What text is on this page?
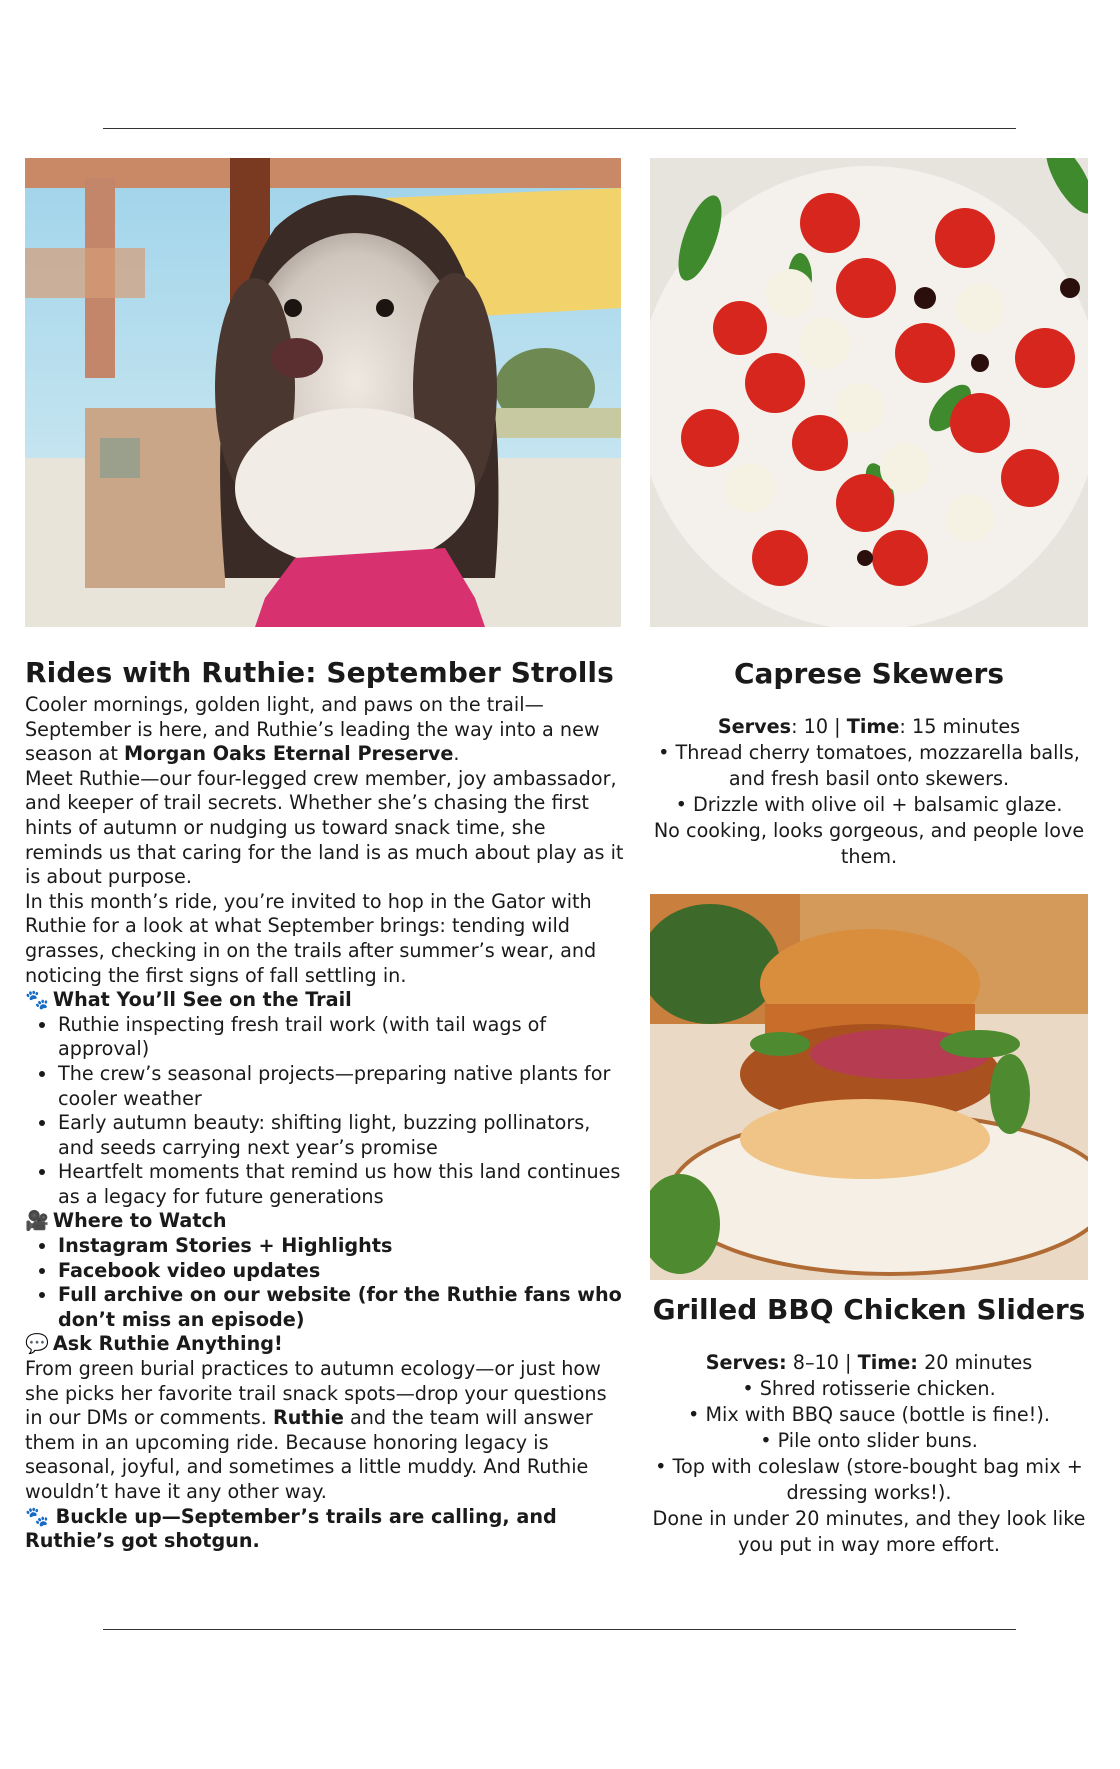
Rides with Ruthie: September Strolls

Cooler mornings, golden light, and paws on the trail—September is here, and Ruthie’s leading the way into a new season at Morgan Oaks Eternal Preserve.

Meet Ruthie—our four-legged crew member, joy ambassador, and keeper of trail secrets. Whether she’s chasing the first hints of autumn or nudging us toward snack time, she reminds us that caring for the land is as much about play as it is about purpose.

In this month’s ride, you’re invited to hop in the Gator with Ruthie for a look at what September brings: tending wild grasses, checking in on the trails after summer’s wear, and noticing the first signs of fall settling in.

🐾 What You’ll See on the Trail

• Ruthie inspecting fresh trail work (with tail wags of approval)
• The crew’s seasonal projects—preparing native plants for cooler weather
• Early autumn beauty: shifting light, buzzing pollinators, and seeds carrying next year’s promise
• Heartfelt moments that remind us how this land continues as a legacy for future generations

🎥 Where to Watch

• Instagram Stories + Highlights
• Facebook video updates
• Full archive on our website (for the Ruthie fans who don’t miss an episode)

💬 Ask Ruthie Anything!

From green burial practices to autumn ecology—or just how she picks her favorite trail snack spots—drop your questions in our DMs or comments. Ruthie and the team will answer them in an upcoming ride. Because honoring legacy is seasonal, joyful, and sometimes a little muddy. And Ruthie wouldn’t have it any other way.

🐾 Buckle up—September’s trails are calling, and Ruthie’s got shotgun.

Caprese Skewers

Serves: 10 | Time: 15 minutes

• Thread cherry tomatoes, mozzarella balls, and fresh basil onto skewers.

• Drizzle with olive oil + balsamic glaze.

No cooking, looks gorgeous, and people love them.

Grilled BBQ Chicken Sliders

Serves: 8–10 | Time: 20 minutes

• Shred rotisserie chicken.

• Mix with BBQ sauce (bottle is fine!).

• Pile onto slider buns.

• Top with coleslaw (store-bought bag mix + dressing works!).

Done in under 20 minutes, and they look like you put in way more effort.
